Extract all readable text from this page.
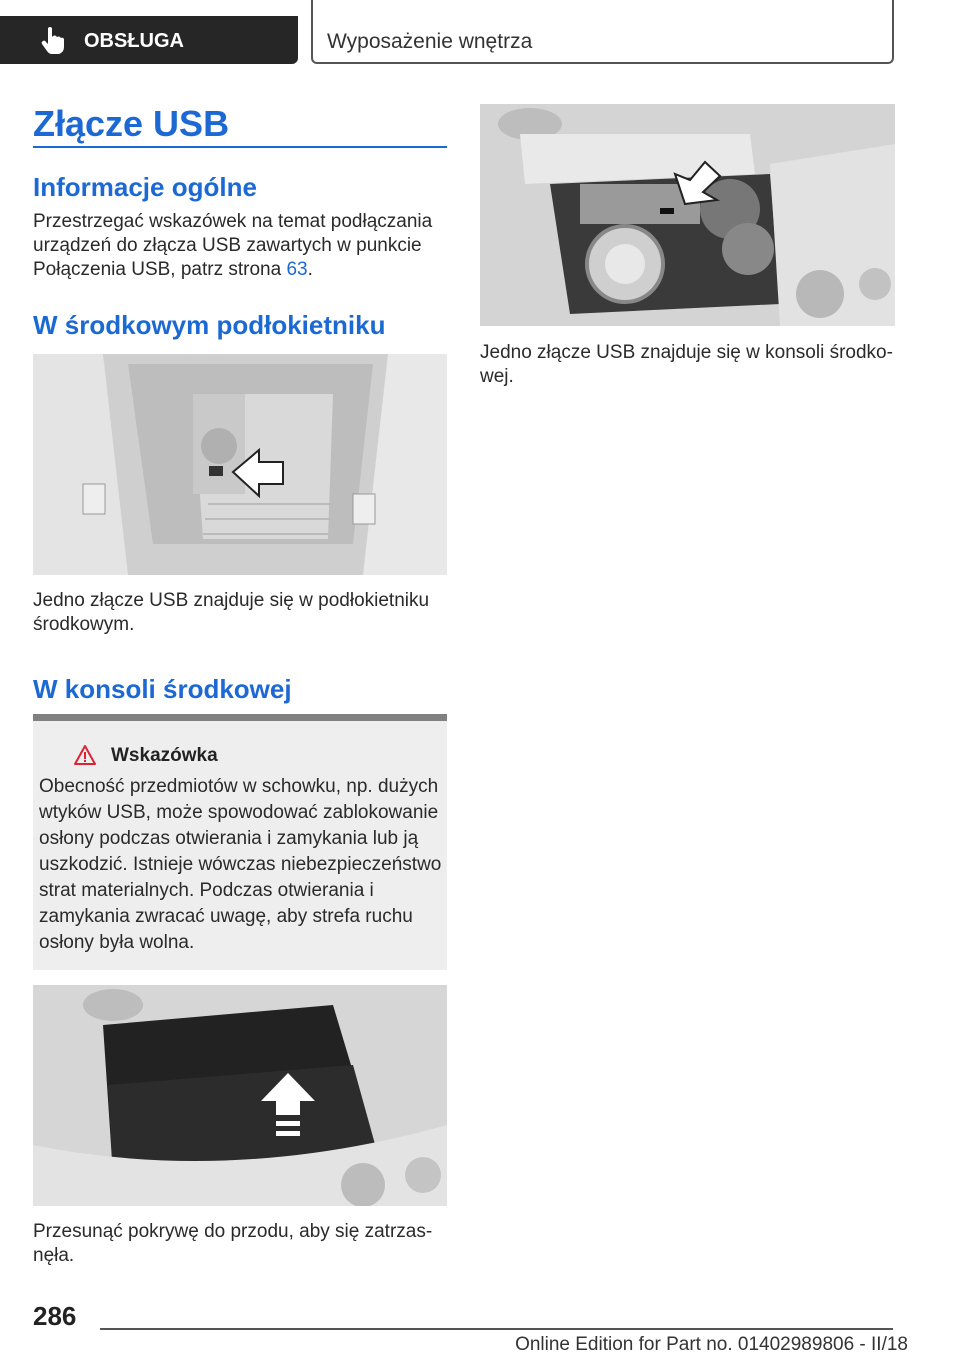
OBSŁUGA	Wyposażenie wnętrza
Złącze USB
Informacje ogólne
Przestrzegać wskazówek na temat podłączania urządzeń do złącza USB zawartych w punkcie Połączenia USB, patrz strona 63.
W środkowym podłokietniku
Jedno złącze USB znajduje się w podłokietniku środkowym.
W konsoli środkowej
Wskazówka
Obecność przedmiotów w schowku, np. dużych wtyków USB, może spowodować zablokowanie osłony podczas otwierania i zamykania lub ją uszkodzić. Istnieje wówczas niebezpieczeństwo strat materialnych. Podczas otwierania i zamykania zwracać uwagę, aby strefa ruchu osłony była wolna.
Przesunąć pokrywę do przodu, aby się zatrzasnęła.
Jedno złącze USB znajduje się w konsoli środkowej.
286
Online Edition for Part no. 01402989806 - II/18
